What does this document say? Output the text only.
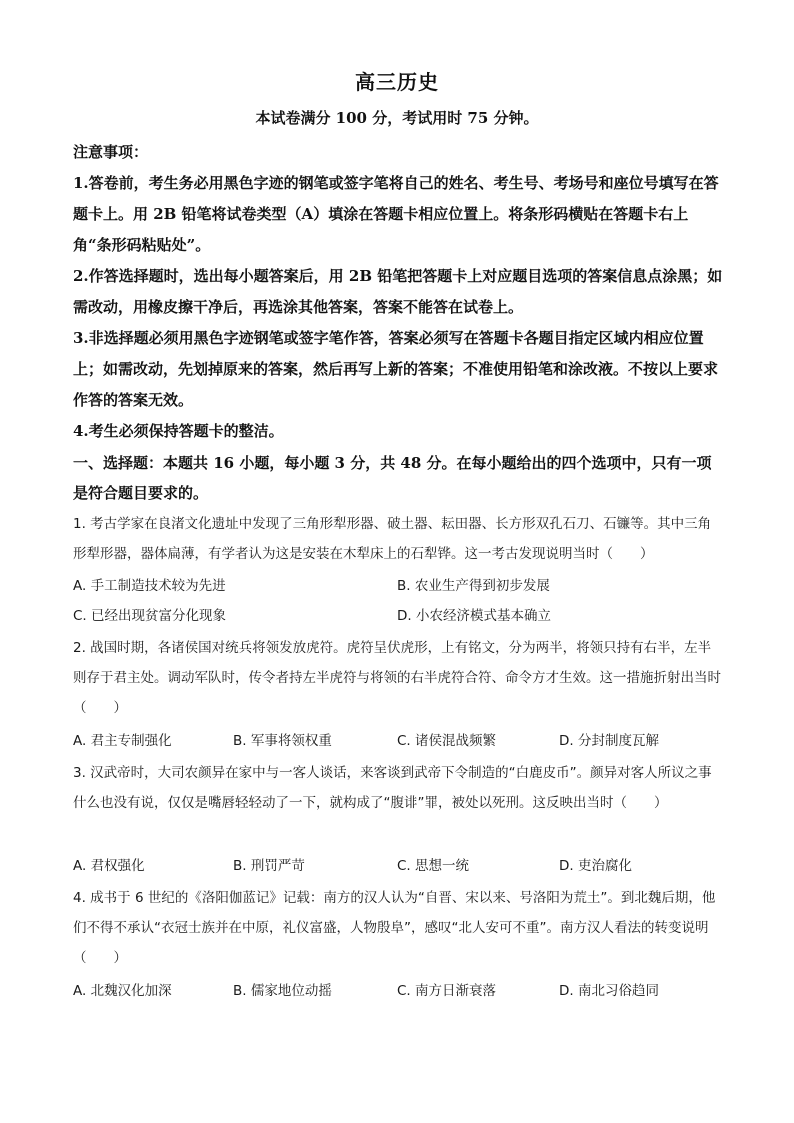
高三历史
本试卷满分 100 分，考试用时 75 分钟。

注意事项：

1.答卷前，考生务必用黑色字迹的钢笔或签字笔将自己的姓名、考生号、考场号和座位号填写在答题卡上。用 2B 铅笔将试卷类型（A）填涂在答题卡相应位置上。将条形码横贴在答题卡右上角“条形码粘贴处”。

2.作答选择题时，选出每小题答案后，用 2B 铅笔把答题卡上对应题目选项的答案信息点涂黑；如需改动，用橡皮擦干净后，再选涂其他答案，答案不能答在试卷上。

3.非选择题必须用黑色字迹钢笔或签字笔作答，答案必须写在答题卡各题目指定区域内相应位置上；如需改动，先划掉原来的答案，然后再写上新的答案；不准使用铅笔和涂改液。不按以上要求作答的答案无效。

4.考生必须保持答题卡的整洁。

一、选择题：本题共 16 小题，每小题 3 分，共 48 分。在每小题给出的四个选项中，只有一项是符合题目要求的。
1. 考古学家在良渚文化遗址中发现了三角形犁形器、破土器、耘田器、长方形双孔石刀、石镰等。其中三角形犁形器，器体扁薄，有学者认为这是安装在木犁床上的石犁铧。这一考古发现说明当时（　　）
A. 手工制造技术较为先进	B. 农业生产得到初步发展
C. 已经出现贫富分化现象	D. 小农经济模式基本确立
2. 战国时期，各诸侯国对统兵将领发放虎符。虎符呈伏虎形，上有铭文，分为两半，将领只持有右半，左半则存于君主处。调动军队时，传令者持左半虎符与将领的右半虎符合符、命令方才生效。这一措施折射出当时（　　）
A. 君主专制强化	B. 军事将领权重	C. 诸侯混战频繁	D. 分封制度瓦解
3. 汉武帝时，大司农颜异在家中与一客人谈话，来客谈到武帝下令制造的“白鹿皮币”。颜异对客人所议之事什么也没有说，仅仅是嘴唇轻轻动了一下，就构成了“腹诽”罪，被处以死刑。这反映出当时（　　）
A. 君权强化	B. 刑罚严苛	C. 思想一统	D. 吏治腐化
4. 成书于 6 世纪的《洛阳伽蓝记》记载：南方的汉人认为“自晋、宋以来、号洛阳为荒土”。到北魏后期，他们不得不承认“衣冠士族并在中原，礼仪富盛，人物殷阜”，感叹“北人安可不重”。南方汉人看法的转变说明（　　）
A. 北魏汉化加深	B. 儒家地位动摇	C. 南方日渐衰落	D. 南北习俗趋同
